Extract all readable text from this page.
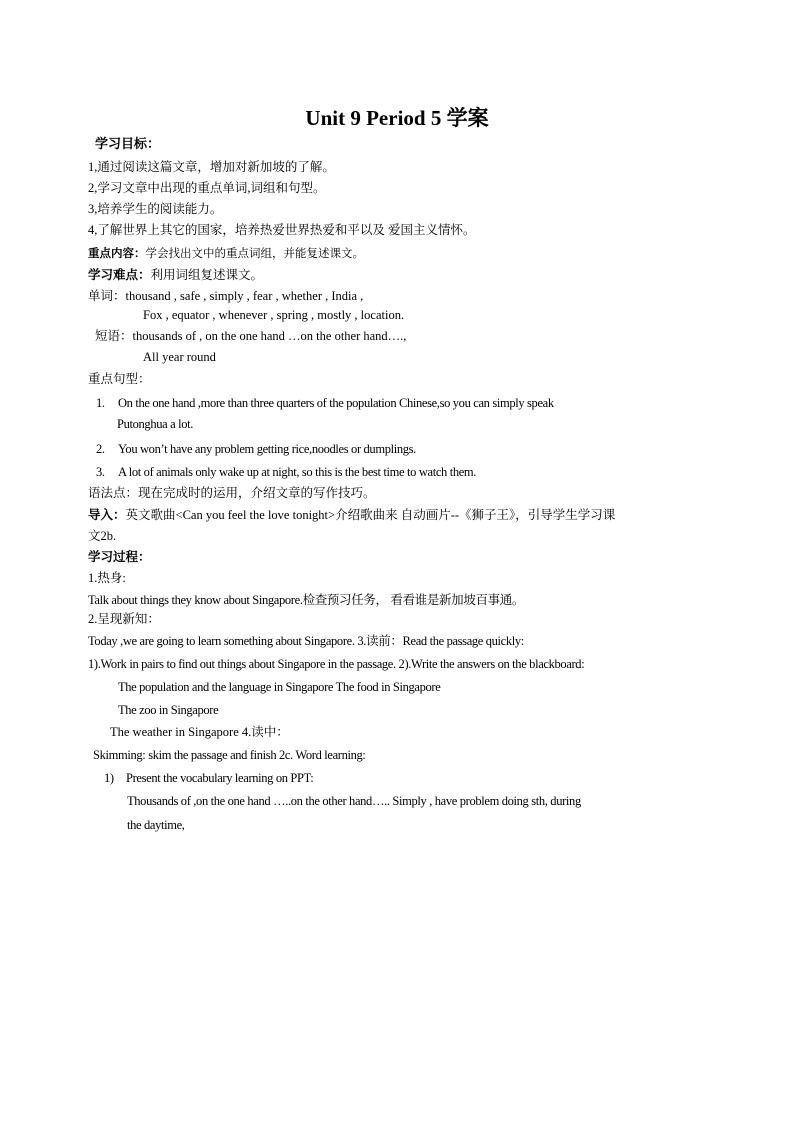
Unit 9 Period 5 学案
学习目标：
1,通过阅读这篇文章，增加对新加坡的了解。
2,学习文章中出现的重点单词,词组和句型。
3,培养学生的阅读能力。
4,了解世界上其它的国家，培养热爱世界热爱和平以及 爱国主义情怀。
重点内容：学会找出文中的重点词组，并能复述课文。
学习难点：利用词组复述课文。
单词：thousand , safe , simply , fear , whether , India ,
Fox , equator , whenever , spring , mostly , location.
短语：thousands of , on the one hand …on the other hand….,
All year round
重点句型：
1. On the one hand ,more than three quarters of the population Chinese,so you can simply speak
Putonghua a lot.
2. You won’t have any problem getting rice,noodles or dumplings.
3. A lot of animals only wake up at night, so this is the best time to watch them.
语法点：现在完成时的运用，介绍文章的写作技巧。
导入：英文歌曲<Can you feel the love tonight>介绍歌曲来 自动画片--《狮子王》，引导学生学习课
文2b.
学习过程：
1.热身:
Talk about things they know about Singapore.检查预习任务， 看看谁是新加坡百事通。
2.呈现新知：
Today ,we are going to learn something about Singapore. 3.读前：Read the passage quickly:
1).Work in pairs to find out things about Singapore in the passage. 2).Write the answers on the blackboard:
The population and the language in Singapore The food in Singapore
The zoo in Singapore
The weather in Singapore 4.读中：
Skimming: skim the passage and finish 2c. Word learning:
1) Present the vocabulary learning on PPT:
Thousands of ,on the one hand …..on the other hand….. Simply , have problem doing sth, during
the daytime,
